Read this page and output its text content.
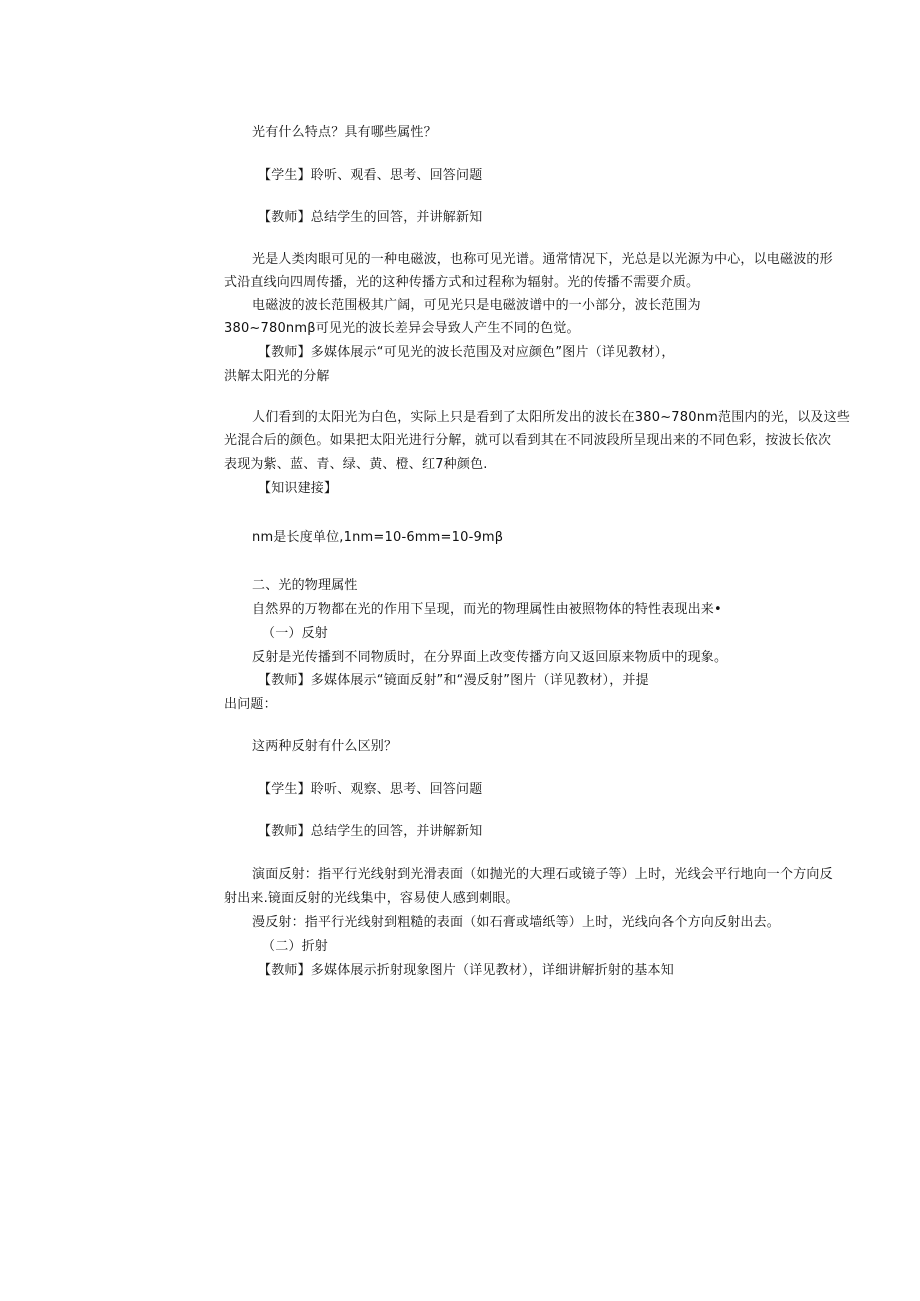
光有什么特点？具有哪些属性？
【学生】聆听、观看、思考、回答问题
【教师】总结学生的回答，并讲解新知
光是人类肉眼可见的一种电磁波，也称可见光谱。通常情况下，光总是以光源为中心，以电磁波的形
式沿直线向四周传播，光的这种传播方式和过程称为辐射。光的传播不需要介质。
电磁波的波长范围极其广阔，可见光只是电磁波谱中的一小部分，波长范围为
380~780nmβ可见光的波长差异会导致人产生不同的色觉。
【教师】多媒体展示“可见光的波长范围及对应颜色”图片（详见教材），
洪解太阳光的分解
人们看到的太阳光为白色，实际上只是看到了太阳所发出的波长在380~780nm范围内的光，以及这些
光混合后的颜色。如果把太阳光进行分解，就可以看到其在不同波段所呈现出来的不同色彩，按波长依次
表现为紫、蓝、青、绿、黄、橙、红7种颜色.
【知识建接】
nm是长度单位,1nm=10-6mm=10-9mβ
二、光的物理属性
自然界的万物都在光的作用下呈现，而光的物理属性由被照物体的特性表现出来•
（一）反射
反射是光传播到不同物质时，在分界面上改变传播方向又返回原来物质中的现象。
【教师】多媒体展示“镜面反射”和“漫反射”图片（详见教材），并提
出问题：
这两种反射有什么区别？
【学生】聆听、观察、思考、回答问题
【教师】总结学生的回答，并讲解新知
演面反射：指平行光线射到光滑表面（如抛光的大理石或镜子等）上时，光线会平行地向一个方向反
射出来.镜面反射的光线集中，容易使人感到刺眼。
漫反射：指平行光线射到粗糙的表面（如石膏或墙纸等）上时，光线向各个方向反射出去。
（二）折射
【教师】多媒体展示折射现象图片（详见教材），详细讲解折射的基本知
